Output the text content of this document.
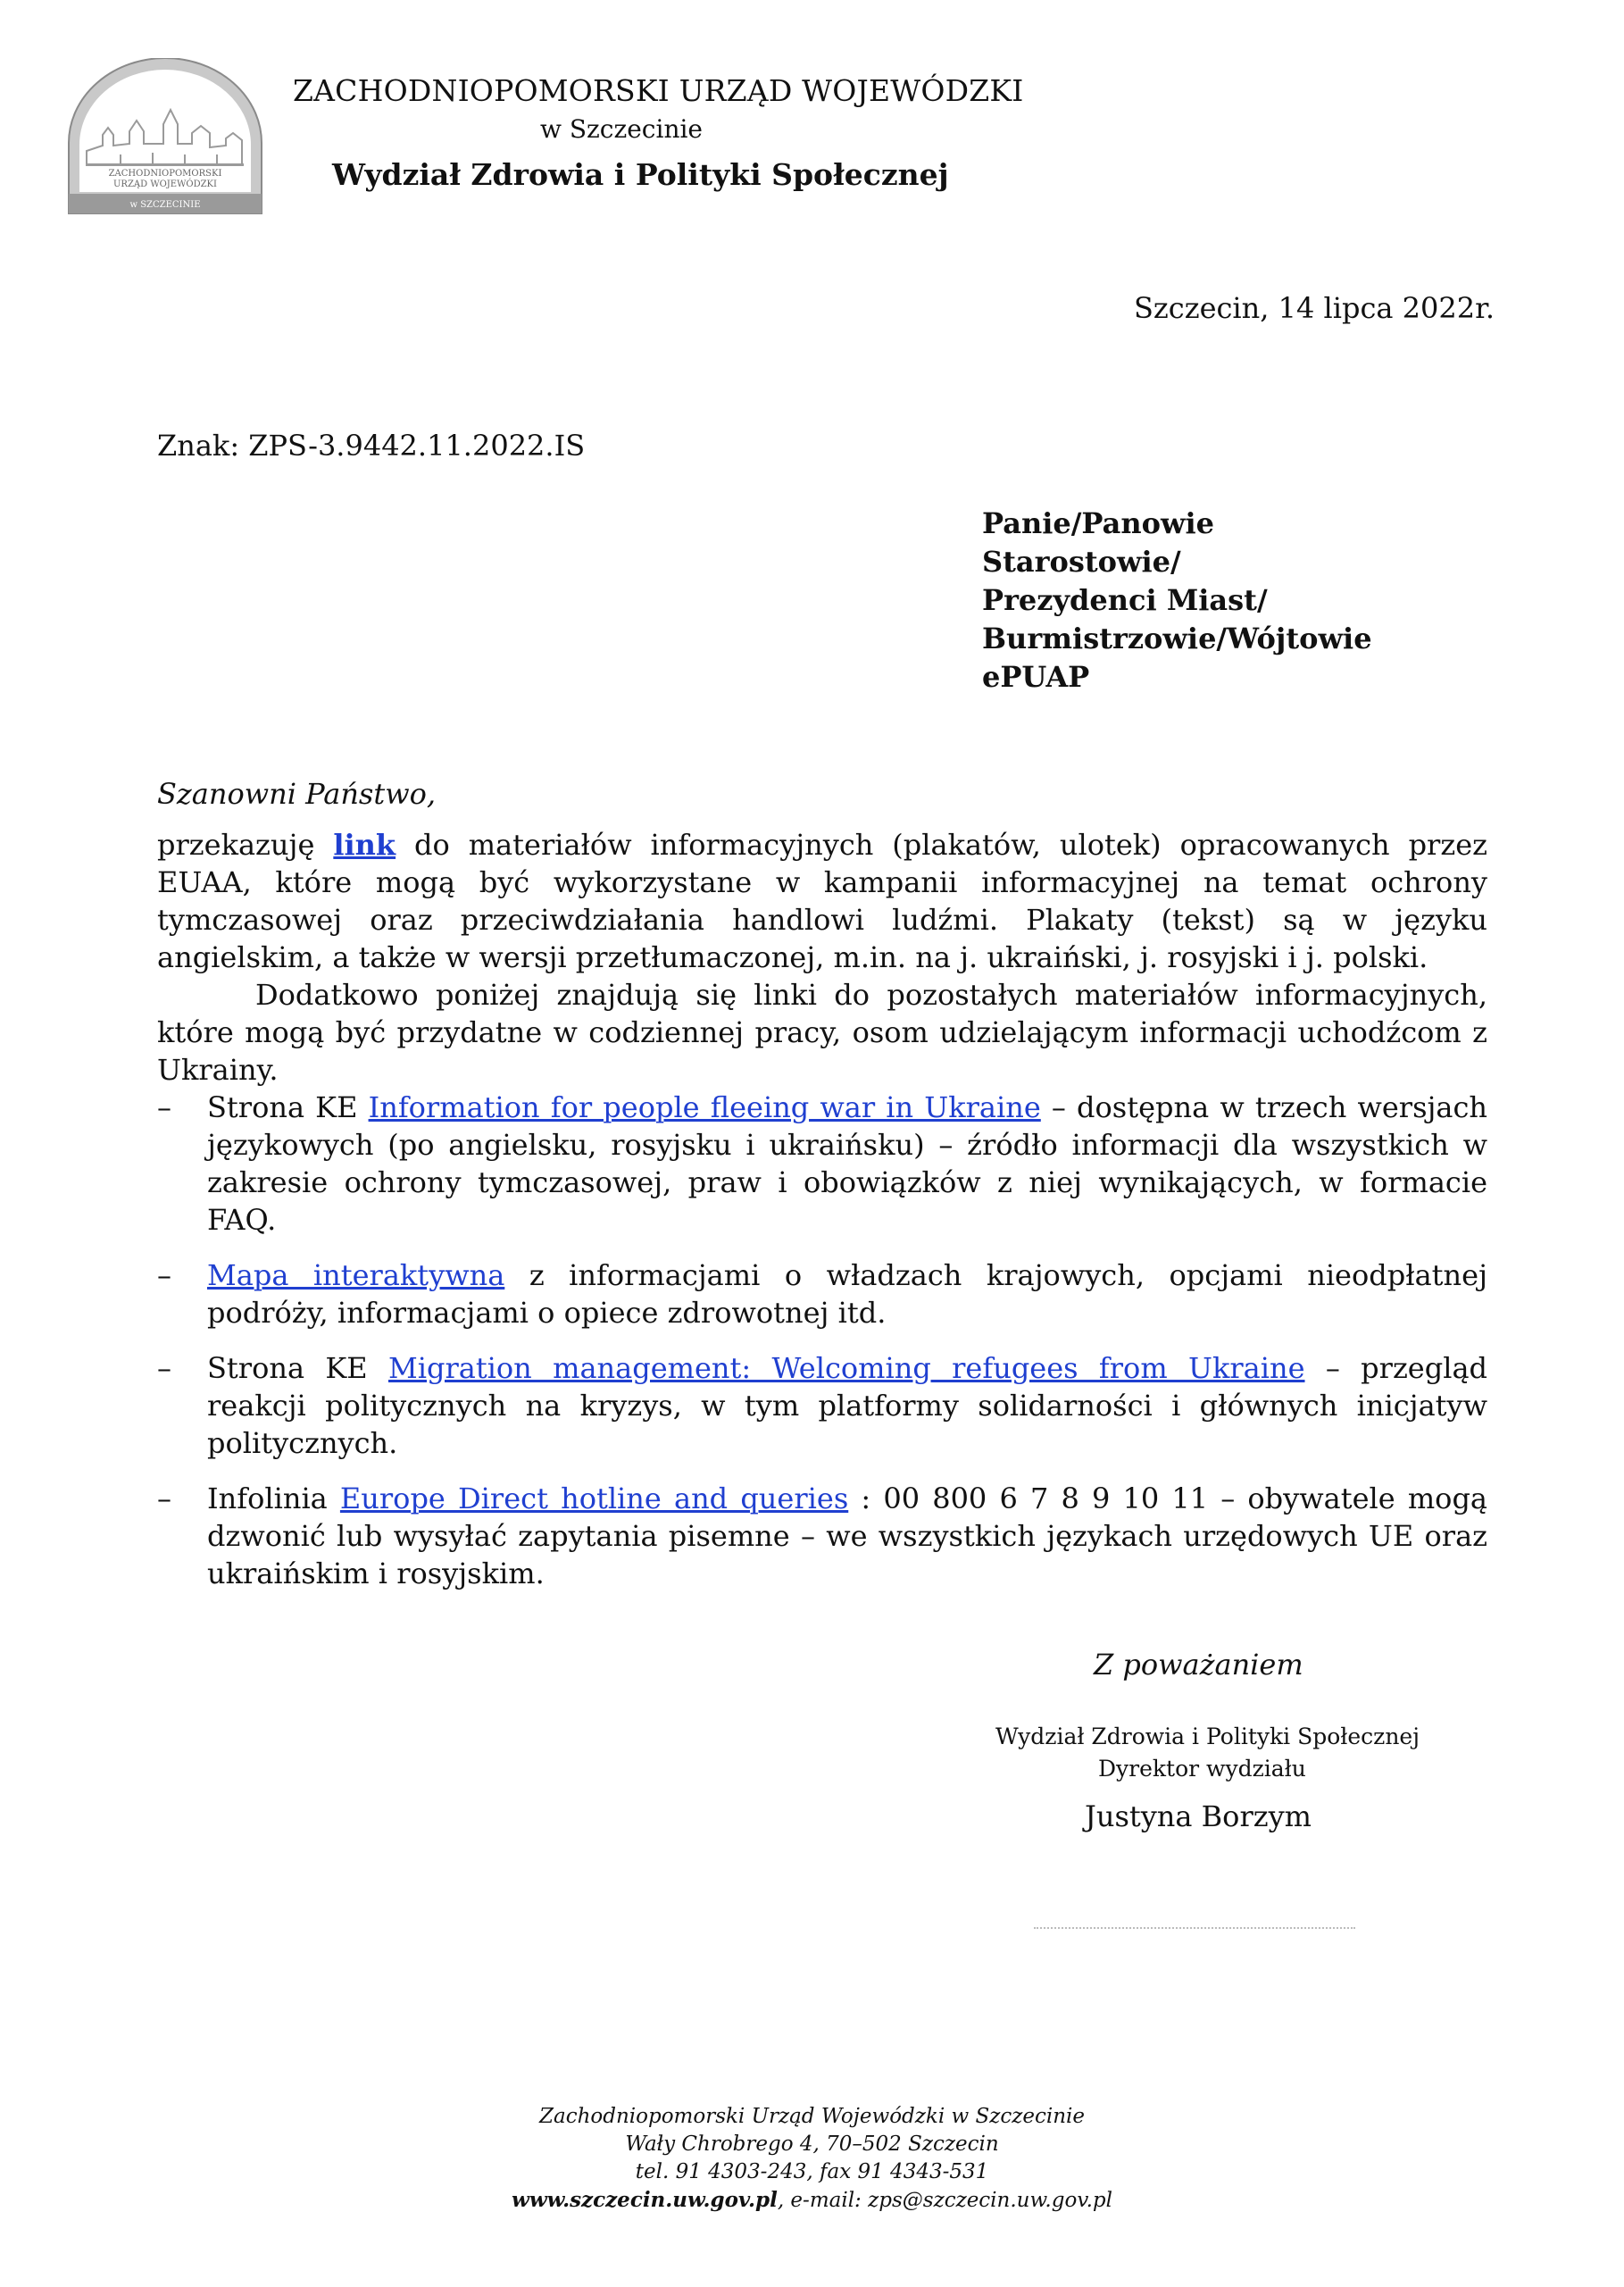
ZACHODNIOPOMORSKI
URZĄD WOJEWÓDZKI
w SZCZECINIE
ZACHODNIOPOMORSKI URZĄD WOJEWÓDZKI
w Szczecinie
Wydział Zdrowia i Polityki Społecznej
Szczecin, 14 lipca 2022r.
Znak: ZPS-3.9442.11.2022.IS
Panie/Panowie
Starostowie/
Prezydenci Miast/
Burmistrzowie/Wójtowie
ePUAP
Szanowni Państwo,

przekazuję link do materiałów informacyjnych (plakatów, ulotek) opracowanych przez EUAA, które mogą być wykorzystane w kampanii informacyjnej na temat ochrony tymczasowej oraz przeciwdziałania handlowi ludźmi. Plakaty (tekst) są w języku angielskim, a także w wersji przetłumaczonej, m.in. na j. ukraiński, j. rosyjski i j. polski.

Dodatkowo poniżej znajdują się linki do pozostałych materiałów informacyjnych, które mogą być przydatne w codziennej pracy, osom udzielającym informacji uchodźcom z Ukrainy.

– Strona KE Information for people fleeing war in Ukraine – dostępna w trzech wersjach językowych (po angielsku, rosyjsku i ukraińsku) – źródło informacji dla wszystkich w zakresie ochrony tymczasowej, praw i obowiązków z niej wynikających, w formacie FAQ.
– Mapa interaktywna z informacjami o władzach krajowych, opcjami nieodpłatnej podróży, informacjami o opiece zdrowotnej itd.
– Strona KE Migration management: Welcoming refugees from Ukraine – przegląd reakcji politycznych na kryzys, w tym platformy solidarności i głównych inicjatyw politycznych.
– Infolinia Europe Direct hotline and queries : 00 800 6 7 8 9 10 11 – obywatele mogą dzwonić lub wysyłać zapytania pisemne – we wszystkich językach urzędowych UE oraz ukraińskim i rosyjskim.
Z poważaniem
Wydział Zdrowia i Polityki Społecznej
Dyrektor wydziału
Justyna Borzym
Zachodniopomorski Urząd Wojewódzki w Szczecinie
Wały Chrobrego 4, 70–502 Szczecin
tel. 91 4303-243, fax 91 4343-531
www.szczecin.uw.gov.pl, e-mail: zps@szczecin.uw.gov.pl
